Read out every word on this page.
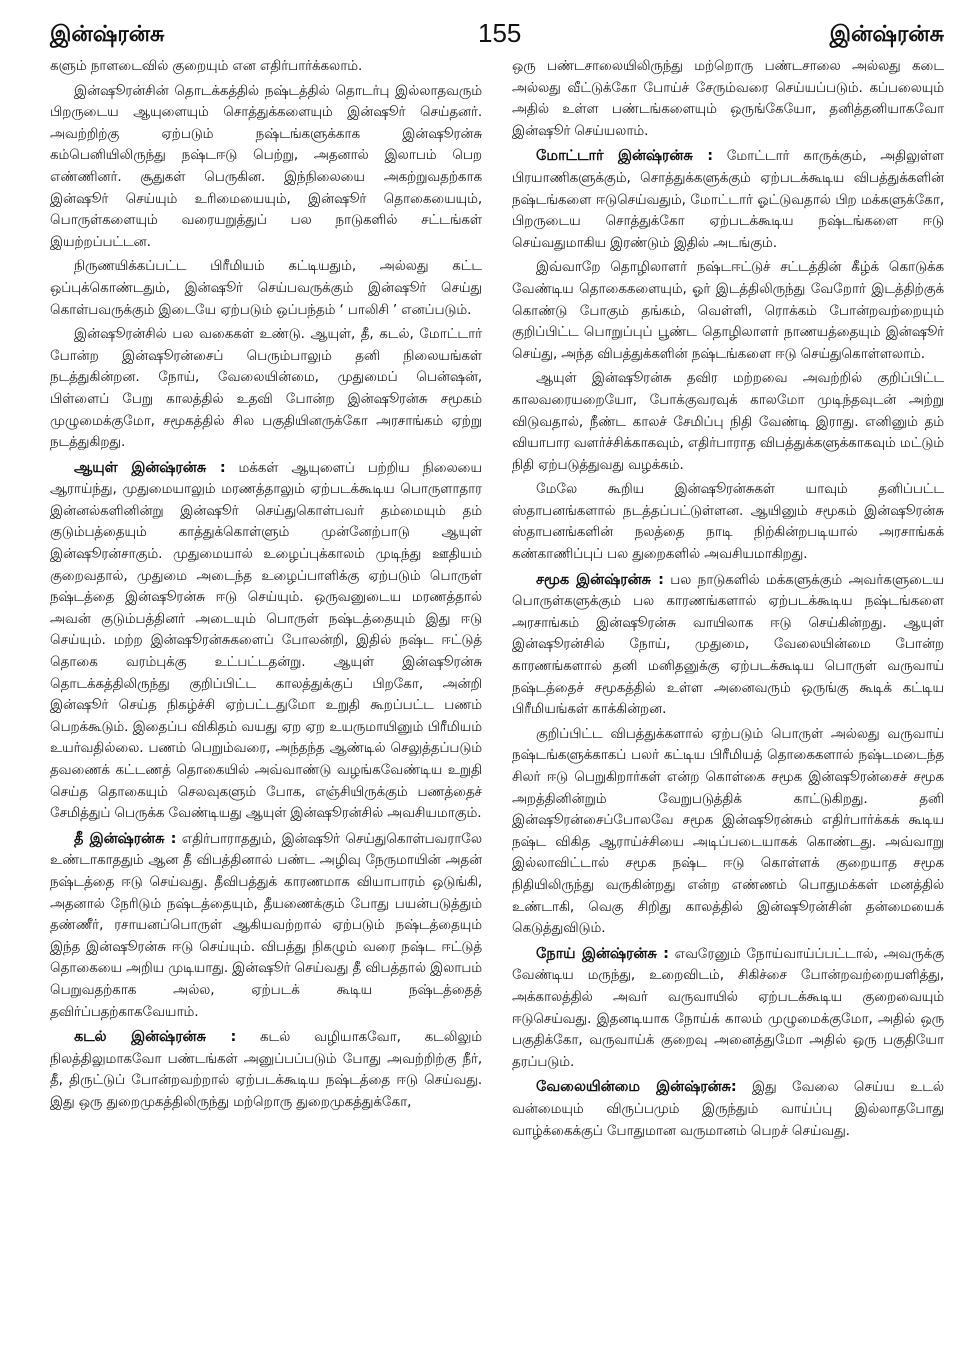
இன்ஷ்ரன்சு	155	இன்ஷ்ரன்சு

களும் நாளடைவில் குறையும் என எதிர்பார்க்கலாம்.

இன்ஷூரன்சின் தொடக்கத்தில் நஷ்டத்தில் தொடர்பு இல்லாதவரும் பிறருடைய ஆயுளையும் சொத்துக்களையும் இன்ஷூர் செய்தனர். அவற்றிற்கு ஏற்படும் நஷ்டங்களுக்காக இன்ஷூரன்சு கம்பெனியிலிருந்து நஷ்டஈடு பெற்று, அதனால் இலாபம் பெற எண்ணினர். சூதுகள் பெருகின. இந்நிலையை அகற்றுவதற்காக இன்ஷூர் செய்யும் உரிமையையும், இன்ஷூர் தொகையையும், பொருள்களையும் வரையறுத்துப் பல நாடுகளில் சட்டங்கள் இயற்றப்பட்டன.

நிருணயிக்கப்பட்ட பிரீமியம் கட்டியதும், அல்லது கட்ட ஒப்புக்கொண்டதும், இன்ஷூர் செய்பவருக்கும் இன்ஷூர் செய்து கொள்பவருக்கும் இடையே ஏற்படும் ஒப்பந்தம் ‘ பாலிசி ’ எனப்படும்.

இன்ஷூரன்சில் பல வகைகள் உண்டு. ஆயுள், தீ, கடல், மோட்டார் போன்ற இன்ஷூரன்சைப் பெரும்பாலும் தனி நிலையங்கள் நடத்துகின்றன. நோய், வேலையின்மை, முதுமைப் பென்ஷன், பிள்ளைப் பேறு காலத்தில் உதவி போன்ற இன்ஷூரன்சு சமூகம் முழுமைக்குமோ, சமூகத்தில் சில பகுதியினருக்கோ அரசாங்கம் ஏற்று நடத்துகிறது.

ஆயுள் இன்ஷ்ரன்சு : மக்கள் ஆயுளைப் பற்றிய நிலையை ஆராய்ந்து, முதுமையாலும் மரணத்தாலும் ஏற்படக்கூடிய பொருளாதார இன்னல்களினின்று இன்ஷூர் செய்துகொள்பவர் தம்மையும் தம் குடும்பத்தையும் காத்துக்கொள்ளும் முன்னேற்பாடு ஆயுள் இன்ஷூரன்சாகும். முதுமையால் உழைப்புக்காலம் முடிந்து ஊதியம் குறைவதால், முதுமை அடைந்த உழைப்பாளிக்கு ஏற்படும் பொருள் நஷ்டத்தை இன்ஷூரன்சு ஈடு செய்யும். ஒருவனுடைய மரணத்தால் அவன் குடும்பத்தினர் அடையும் பொருள் நஷ்டத்தையும் இது ஈடு செய்யும். மற்ற இன்ஷூரன்சுகளைப் போலன்றி, இதில் நஷ்ட ஈட்டுத் தொகை வரம்புக்கு உட்பட்டதன்று. ஆயுள் இன்ஷூரன்சு தொடக்கத்திலிருந்து குறிப்பிட்ட காலத்துக்குப் பிறகோ, அன்றி இன்ஷூர் செய்த நிகழ்ச்சி ஏற்பட்டதுமோ உறுதி கூறப்பட்ட பணம் பெறக்கூடும். இதைப்ப விகிதம் வயது ஏற ஏற உயருமாயினும் பிரீமியம் உயர்வதில்லை. பணம் பெறும்வரை, அந்தந்த ஆண்டில் செலுத்தப்படும் தவணைக் கட்டணத் தொகையில் அவ்வாண்டு வழங்கவேண்டிய உறுதி செய்த தொகையும் செலவுகளும் போக, எஞ்சியிருக்கும் பணத்தைச் சேமித்துப் பெருக்க வேண்டியது ஆயுள் இன்ஷூரன்சில் அவசியமாகும்.

தீ இன்ஷ்ரன்சு : எதிர்பாராததும், இன்ஷூர் செய்துகொள்பவராலே உண்டாகாததும் ஆன தீ விபத்தினால் பண்ட அழிவு நேருமாயின் அதன் நஷ்டத்தை ஈடு செய்வது. தீவிபத்துக் காரணமாக வியாபாரம் ஒடுங்கி, அதனால் நேரிடும் நஷ்டத்தையும், தீயணைக்கும் போது பயன்படுத்தும் தண்ணீர், ரசாயனப்பொருள் ஆகியவற்றால் ஏற்படும் நஷ்டத்தையும் இந்த இன்ஷூரன்சு ஈடு செய்யும். விபத்து நிகழும் வரை நஷ்ட ஈட்டுத் தொகையை அறிய முடியாது. இன்ஷூர் செய்வது தீ விபத்தால் இலாபம் பெறுவதற்காக அல்ல, ஏற்படக் கூடிய நஷ்டத்தைத் தவிர்ப்பதற்காகவேயாம்.

கடல் இன்ஷ்ரன்சு : கடல் வழியாகவோ, கடலிலும் நிலத்திலுமாகவோ பண்டங்கள் அனுப்பப்படும் போது அவற்றிற்கு நீர், தீ, திருட்டுப் போன்றவற்றால் ஏற்படக்கூடிய நஷ்டத்தை ஈடு செய்வது. இது ஒரு துறைமுகத்திலிருந்து மற்றொரு துறைமுகத்துக்கோ,

ஒரு பண்டசாலையிலிருந்து மற்றொரு பண்டசாலை அல்லது கடை அல்லது வீட்டுக்கோ போய்ச் சேரும்வரை செய்யப்படும். கப்பலையும் அதில் உள்ள பண்டங்களையும் ஒருங்கேயோ, தனித்தனியாகவோ இன்ஷூர் செய்யலாம்.

மோட்டார் இன்ஷ்ரன்சு : மோட்டார் காருக்கும், அதிலுள்ள பிரயாணிகளுக்கும், சொத்துக்களுக்கும் ஏற்படக்கூடிய விபத்துக்களின் நஷ்டங்களை ஈடுசெய்வதும், மோட்டார் ஓட்டுவதால் பிற மக்களுக்கோ, பிறருடைய சொத்துக்கோ ஏற்படக்கூடிய நஷ்டங்களை ஈடு செய்வதுமாகிய இரண்டும் இதில் அடங்கும்.

இவ்வாறே தொழிலாளர் நஷ்டஈட்டுச் சட்டத்தின் கீழ்க் கொடுக்க வேண்டிய தொகைகளையும், ஓர் இடத்திலிருந்து வேறோர் இடத்திற்குக் கொண்டு போகும் தங்கம், வெள்ளி, ரொக்கம் போன்றவற்றையும் குறிப்பிட்ட பொறுப்புப் பூண்ட தொழிலாளர் நாணயத்தையும் இன்ஷூர் செய்து, அந்த விபத்துக்களின் நஷ்டங்களை ஈடு செய்துகொள்ளலாம்.

ஆயுள் இன்ஷூரன்சு தவிர மற்றவை அவற்றில் குறிப்பிட்ட காலவரையறையோ, போக்குவரவுக் காலமோ முடிந்தவுடன் அற்று விடுவதால், நீண்ட காலச் சேமிப்பு நிதி வேண்டி இராது. எனினும் தம் வியாபார வளர்ச்சிக்காகவும், எதிர்பாராத விபத்துக்களுக்காகவும் மட்டும் நிதி ஏற்படுத்துவது வழக்கம்.

மேலே கூறிய இன்ஷூரன்சுகள் யாவும் தனிப்பட்ட ஸ்தாபனங்களால் நடத்தப்பட்டுள்ளன. ஆயினும் சமூகம் இன்ஷூரன்சு ஸ்தாபனங்களின் நலத்தை நாடி நிற்கின்றபடியால் அரசாங்கக் கண்காணிப்புப் பல துறைகளில் அவசியமாகிறது.

சமூக இன்ஷ்ரன்சு : பல நாடுகளில் மக்களுக்கும் அவர்களுடைய பொருள்களுக்கும் பல காரணங்களால் ஏற்படக்கூடிய நஷ்டங்களை அரசாங்கம் இன்ஷூரன்சு வாயிலாக ஈடு செய்கின்றது. ஆயுள் இன்ஷூரன்சில் நோய், முதுமை, வேலையின்மை போன்ற காரணங்களால் தனி மனிதனுக்கு ஏற்படக்கூடிய பொருள் வருவாய் நஷ்டத்தைச் சமூகத்தில் உள்ள அனைவரும் ஒருங்கு கூடிக் கட்டிய பிரீமியங்கள் காக்கின்றன.

குறிப்பிட்ட விபத்துக்களால் ஏற்படும் பொருள் அல்லது வருவாய் நஷ்டங்களுக்காகப் பலர் கட்டிய பிரீமியத் தொகைகளால் நஷ்டமடைந்த சிலர் ஈடு பெறுகிறார்கள் என்ற கொள்கை சமூக இன்ஷூரன்சைச் சமூக அறத்தினின்றும் வேறுபடுத்திக் காட்டுகிறது. தனி இன்ஷூரன்சைப்போலவே சமூக இன்ஷூரன்சும் எதிர்பார்க்கக் கூடிய நஷ்ட விகித ஆராய்ச்சியை அடிப்படையாகக் கொண்டது. அவ்வாறு இல்லாவிட்டால் சமூக நஷ்ட ஈடு கொள்ளக் குறையாத சமூக நிதியிலிருந்து வருகின்றது என்ற எண்ணம் பொதுமக்கள் மனத்தில் உண்டாகி, வெகு சிறிது காலத்தில் இன்ஷூரன்சின் தன்மையைக் கெடுத்துவிடும்.

நோய் இன்ஷ்ரன்சு : எவரேனும் நோய்வாய்ப்பட்டால், அவருக்கு வேண்டிய மருந்து, உறைவிடம், சிகிச்சை போன்றவற்றையளித்து, அக்காலத்தில் அவர் வருவாயில் ஏற்படக்கூடிய குறைவையும் ஈடுசெய்வது. இதனடியாக நோய்க் காலம் முழுமைக்குமோ, அதில் ஒரு பகுதிக்கோ, வருவாய்க் குறைவு அனைத்துமோ அதில் ஒரு பகுதியோ தரப்படும்.

வேலையின்மை இன்ஷ்ரன்சு: இது வேலை செய்ய உடல் வன்மையும் விருப்பமும் இருந்தும் வாய்ப்பு இல்லாதபோது வாழ்க்கைக்குப் போதுமான வருமானம் பெறச் செய்வது.
